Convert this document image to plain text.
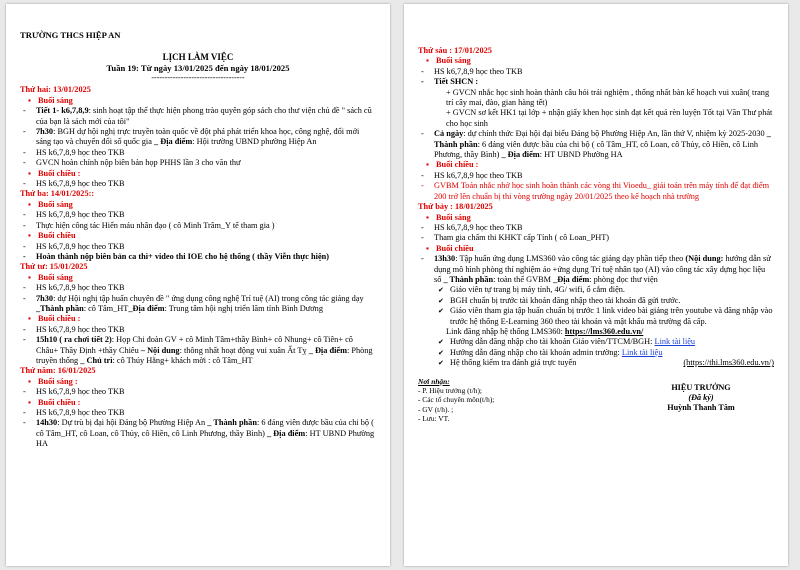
TRƯỜNG THCS HIỆP AN
LỊCH LÀM VIỆC
Tuần 19: Từ ngày 13/01/2025 đến ngày 18/01/2025
-----------------------------------
Thứ hai: 13/01/2025
▪ Buổi sáng
- Tiết 1- k6,7,8,9: sinh hoạt tập thể thực hiện phong trào quyên góp sách cho thư viện chủ đề " sách cũ của bạn là sách mới của tôi"
- 7h30: BGH dự hội nghị trực truyền toàn quốc về đột phá phát triển khoa học, công nghệ, đổi mới sáng tạo và chuyển đổi số quốc gia _ Địa điểm: Hội trường UBND phường Hiệp An
- HS k6,7,8,9 học theo TKB
- GVCN hoàn chỉnh nộp biên bản họp PHHS lần 3 cho văn thư
▪ Buổi chiều :
- HS k6,7,8,9 học theo TKB
Thứ ba: 14/01/2025::
▪ Buổi sáng
- HS k6,7,8,9 học theo TKB
- Thực hiện công tác Hiến máu nhân đạo ( cô Minh Trâm_Y tế tham gia )
▪ Buổi chiều
- HS k6,7,8,9 học theo TKB
- Hoàn thành nộp biên bản ca thi+ video thi IOE cho hệ thống ( thầy Viễn thực hiện)
Thứ tư: 15/01/2025
▪ Buổi sáng
- HS k6,7,8,9 học theo TKB
- 7h30: dự Hội nghị tập huấn chuyên đề " ứng dụng công nghệ Trí tuệ (AI) trong công tác giảng dạy _Thành phần: cô Tâm_HT_Địa điểm: Trung tâm hội nghị triển lãm tỉnh Bình Dương
▪ Buổi chiều :
- HS k6,7,8,9 học theo TKB
- 15h10 ( ra chơi tiết 2): Họp Chi đoàn GV + cô Minh Tâm+thầy Bình+ cô Nhung+ cô Tiên+ cô Châu+ Thầy Định +thầy Chiêu – Nội dung: thông nhất hoạt động vui xuân Ất Tỵ _ Địa điểm: Phòng truyền thống _ Chủ trì: cô Thúy Hằng+ khách mời : cô Tâm_HT
Thứ năm: 16/01/2025
▪ Buổi sáng :
- HS k6,7,8,9 học theo TKB
▪ Buổi chiều :
- HS k6,7,8,9 học theo TKB
- 14h30: Dự trù bị đại hội Đảng bộ Phường Hiệp An _ Thành phần: 6 đảng viên được bầu của chi bộ ( cô Tâm_HT, cô Loan, cô Thủy, cô Hiền, cô Linh Phương, thầy Bình) _ Địa điểm: HT UBND Phường HA
Thứ sáu : 17/01/2025
▪ Buổi sáng
- HS k6,7,8,9 học theo TKB
- Tiết SHCN :
+ GVCN nhắc học sinh hoàn thành câu hỏi trải nghiệm , thống nhất bàn kế hoạch vui xuân( trang trí cây mai, đào, gian hàng tết)
+ GVCN sơ kết HK1 tại lớp + nhận giấy khen học sinh đạt kết quả rèn luyện Tốt tại Văn Thư phát cho học sinh
- Cả ngày: dự chính thức Đại hội đại biểu Đảng bộ Phường Hiệp An, lần thứ V, nhiệm kỳ 2025-2030 _ Thành phần: 6 đảng viên được bầu của chi bộ ( cô Tâm_HT, cô Loan, cô Thủy, cô Hiền, cô Linh Phương, thầy Bình) _ Địa điểm: HT UBND Phường HA
▪ Buổi chiều :
- HS k6,7,8,9 học theo TKB
- GVBM Toán nhắc nhở học sinh hoàn thành các vòng thi Vioedu_ giải toán trên máy tính để đạt điểm 200 trở lên chuẩn bị thi vòng trường ngày 20/01/2025 theo kế hoạch nhà trường
Thứ bảy : 18/01/2025
▪ Buổi sáng
- HS k6,7,8,9 học theo TKB
- Tham gia chấm thi KHKT cấp Tỉnh ( cô Loan_PHT)
▪ Buổi chiều
- 13h30: Tập huấn ứng dụng LMS360 vào công tác giảng dạy phần tiếp theo (Nội dung: hướng dẫn sử dụng mô hình phòng thí nghiệm ảo +ứng dụng Trí tuệ nhân tạo (AI) vào công tác xây dựng học liệu số _ Thành phần: toàn thể GVBM _Địa điểm: phòng đọc thư viện
✔ Giáo viên tự trang bị máy tính, 4G/ wifi, ổ cắm điện.
✔ BGH chuẩn bị trước tài khoản đăng nhập theo tài khoản đã gửi trước.
✔ Giáo viên tham gia tập huấn chuẩn bị trước 1 link video bài giảng trên youtube và đăng nhập vào trước hệ thống E-Learning 360 theo tài khoản và mật khẩu mà trường đã cấp.
Link đăng nhập hệ thống LMS360: https://lms360.edu.vn/
✔ Hướng dẫn đăng nhập cho tài khoản Giáo viên/TTCM/BGH: Link tài liệu
✔ Hướng dẫn đăng nhập cho tài khoản admin trường: Link tài liệu
✔ Hệ thống kiểm tra đánh giá trực tuyến	(https://thi.lms360.edu.vn/)
Nơi nhận:
- P. Hiệu trưởng (t/h);
- Các tổ chuyên môn(t/h);
- GV (t/h). ;
- Lưu: VT.
HIỆU TRƯỞNG
(Đã ký)
Huỳnh Thanh Tâm
